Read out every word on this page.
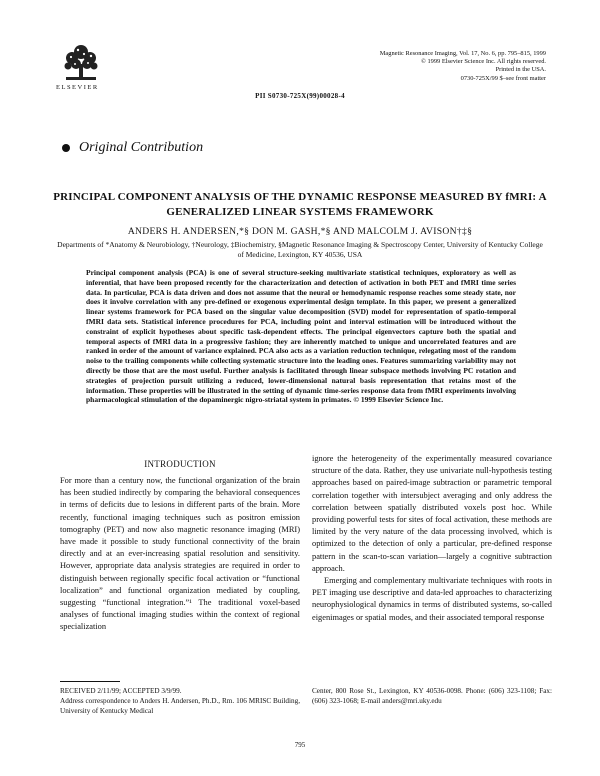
ELSEVIER
Magnetic Resonance Imaging, Vol. 17, No. 6, pp. 795–815, 1999
© 1999 Elsevier Science Inc. All rights reserved.
Printed in the USA.
0730-725X/99 $–see front matter
PII S0730-725X(99)00028-4
Original Contribution
PRINCIPAL COMPONENT ANALYSIS OF THE DYNAMIC RESPONSE MEASURED BY fMRI: A GENERALIZED LINEAR SYSTEMS FRAMEWORK
ANDERS H. ANDERSEN,*§ DON M. GASH,*§ AND MALCOLM J. AVISON†‡§
Departments of *Anatomy & Neurobiology, †Neurology, ‡Biochemistry, §Magnetic Resonance Imaging & Spectroscopy Center, University of Kentucky College of Medicine, Lexington, KY 40536, USA
Principal component analysis (PCA) is one of several structure-seeking multivariate statistical techniques, exploratory as well as inferential, that have been proposed recently for the characterization and detection of activation in both PET and fMRI time series data. In particular, PCA is data driven and does not assume that the neural or hemodynamic response reaches some steady state, nor does it involve correlation with any pre-defined or exogenous experimental design template. In this paper, we present a generalized linear systems framework for PCA based on the singular value decomposition (SVD) model for representation of spatio-temporal fMRI data sets. Statistical inference procedures for PCA, including point and interval estimation will be introduced without the constraint of explicit hypotheses about specific task-dependent effects. The principal eigenvectors capture both the spatial and temporal aspects of fMRI data in a progressive fashion; they are inherently matched to unique and uncorrelated features and are ranked in order of the amount of variance explained. PCA also acts as a variation reduction technique, relegating most of the random noise to the trailing components while collecting systematic structure into the leading ones. Features summarizing variability may not directly be those that are the most useful. Further analysis is facilitated through linear subspace methods involving PC rotation and strategies of projection pursuit utilizing a reduced, lower-dimensional natural basis representation that retains most of the information. These properties will be illustrated in the setting of dynamic time-series response data from fMRI experiments involving pharmacological stimulation of the dopaminergic nigro-striatal system in primates. © 1999 Elsevier Science Inc.
INTRODUCTION

For more than a century now, the functional organization of the brain has been studied indirectly by comparing the behavioral consequences in terms of deficits due to lesions in different parts of the brain. More recently, functional imaging techniques such as positron emission tomography (PET) and now also magnetic resonance imaging (MRI) have made it possible to study functional connectivity of the brain directly and at an ever-increasing spatial resolution and sensitivity. However, appropriate data analysis strategies are required in order to distinguish between regionally specific focal activation or “functional localization” and functional organization mediated by coupling, suggesting “functional integration.”¹ The traditional voxel-based analyses of functional imaging studies within the context of regional specialization

ignore the heterogeneity of the experimentally measured covariance structure of the data. Rather, they use univariate null-hypothesis testing approaches based on paired-image subtraction or parametric temporal correlation together with intersubject averaging and only address the correlation between spatially distributed voxels post hoc. While providing powerful tests for sites of focal activation, these methods are limited by the very nature of the data processing involved, which is optimized to the detection of only a particular, pre-defined response pattern in the scan-to-scan variation—largely a cognitive subtraction approach.

Emerging and complementary multivariate techniques with roots in PET imaging use descriptive and data-led approaches to characterizing neurophysiological dynamics in terms of distributed systems, so-called eigenimages or spatial modes, and their associated temporal response

RECEIVED 2/11/99; ACCEPTED 3/9/99.
Address correspondence to Anders H. Andersen, Ph.D., Rm. 106 MRISC Building, University of Kentucky Medical
Center, 800 Rose St., Lexington, KY 40536-0098. Phone: (606) 323-1108; Fax: (606) 323-1068; E-mail anders@mri.uky.edu
795
